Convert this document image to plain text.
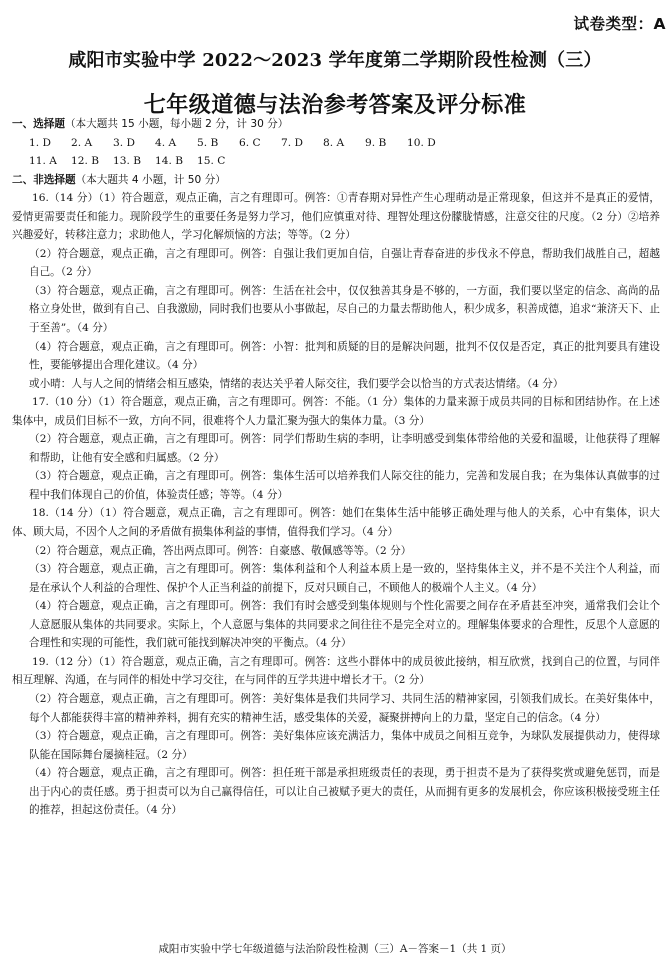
试卷类型：A
咸阳市实验中学 2022～2023 学年度第二学期阶段性检测（三）
七年级道德与法治参考答案及评分标准
一、选择题（本大题共 15 小题，每小题 2 分，计 30 分）
1. D 2. A 3. D 4. A 5. B 6. C 7. D 8. A 9. B 10. D
11. A 12. B 13. B 14. B 15. C
二、非选择题（本大题共 4 小题，计 50 分）
16.（14 分）（1）符合题意，观点正确，言之有理即可。例答：①青春期对异性产生心理萌动是正常现象，但这并不是真正的爱情，爱情更需要责任和能力。现阶段学生的重要任务是努力学习，他们应慎重对待、理智处理这份朦胧情感，注意交往的尺度。（2 分）②培养兴趣爱好，转移注意力；求助他人，学习化解烦恼的方法；等等。（2 分）
（2）符合题意，观点正确，言之有理即可。例答：自强让我们更加自信，自强让青春奋进的步伐永不停息，帮助我们战胜自己，超越自己。（2 分）
（3）符合题意，观点正确，言之有理即可。例答：生活在社会中，仅仅独善其身是不够的，一方面，我们要以坚定的信念、高尚的品格立身处世，做到有自己、自我激励，同时我们也要从小事做起，尽自己的力量去帮助他人，积少成多，积善成德，追求“兼济天下、止于至善”。（4 分）
（4）符合题意，观点正确，言之有理即可。例答：小智：批判和质疑的目的是解决问题，批判不仅仅是否定，真正的批判要具有建设性，要能够提出合理化建议。（4 分）
或小晴：人与人之间的情绪会相互感染，情绪的表达关乎着人际交往，我们要学会以恰当的方式表达情绪。（4 分）
17.（10 分）（1）符合题意，观点正确，言之有理即可。例答：不能。（1 分）集体的力量来源于成员共同的目标和团结协作。在上述集体中，成员们目标不一致，方向不同，很难将个人力量汇聚为强大的集体力量。（3 分）
（2）符合题意，观点正确，言之有理即可。例答：同学们帮助生病的李明，让李明感受到集体带给他的关爱和温暖，让他获得了理解和帮助，让他有安全感和归属感。（2 分）
（3）符合题意，观点正确，言之有理即可。例答：集体生活可以培养我们人际交往的能力，完善和发展自我；在为集体认真做事的过程中我们体现自己的价值，体验责任感；等等。（4 分）
18.（14 分）（1）符合题意，观点正确，言之有理即可。例答：她们在集体生活中能够正确处理与他人的关系，心中有集体，识大体、顾大局，不因个人之间的矛盾做有损集体利益的事情，值得我们学习。（4 分）
（2）符合题意，观点正确，答出两点即可。例答：自豪感、敬佩感等等。（2 分）
（3）符合题意，观点正确，言之有理即可。例答：集体利益和个人利益本质上是一致的，坚持集体主义，并不是不关注个人利益，而是在承认个人利益的合理性、保护个人正当利益的前提下，反对只顾自己，不顾他人的极端个人主义。（4 分）
（4）符合题意，观点正确，言之有理即可。例答：我们有时会感受到集体规则与个性化需要之间存在矛盾甚至冲突，通常我们会让个人意愿服从集体的共同要求。实际上，个人意愿与集体的共同要求之间往往不是完全对立的。理解集体要求的合理性，反思个人意愿的合理性和实现的可能性，我们就可能找到解决冲突的平衡点。（4 分）
19.（12 分）（1）符合题意，观点正确，言之有理即可。例答：这些小群体中的成员彼此接纳，相互欣赏，找到自己的位置，与同伴相互理解、沟通，在与同伴的相处中学习交往，在与同伴的互学共进中增长才干。（2 分）
（2）符合题意，观点正确，言之有理即可。例答：美好集体是我们共同学习、共同生活的精神家园，引领我们成长。在美好集体中，每个人都能获得丰富的精神养料，拥有充实的精神生活，感受集体的关爱，凝聚拼搏向上的力量，坚定自己的信念。（4 分）
（3）符合题意，观点正确，言之有理即可。例答：美好集体应该充满活力，集体中成员之间相互竞争，为球队发展提供动力，使得球队能在国际舞台屡摘桂冠。（2 分）
（4）符合题意，观点正确，言之有理即可。例答：担任班干部是承担班级责任的表现，勇于担责不是为了获得奖赏或避免惩罚，而是出于内心的责任感。勇于担责可以为自己赢得信任，可以让自己被赋予更大的责任，从而拥有更多的发展机会，你应该积极接受班主任的推荐，担起这份责任。（4 分）
咸阳市实验中学七年级道德与法治阶段性检测（三）A－答案－1（共 1 页）
